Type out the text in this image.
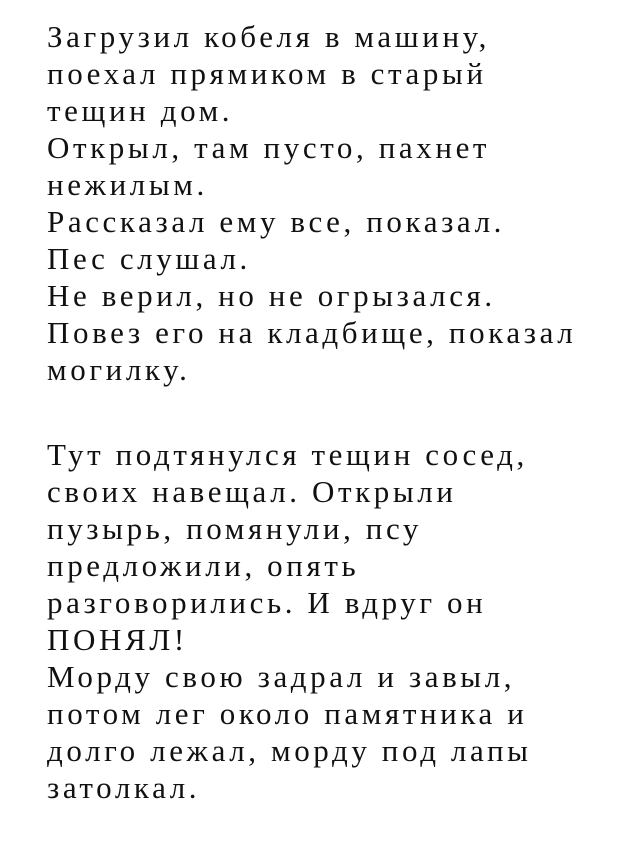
Загрузил кобеля в машину,
поехал прямиком в старый
тещин дом.
Открыл, там пусто, пахнет
нежилым.
Рассказал ему все, показал.
Пес слушал.
Не верил, но не огрызался.
Повез его на кладбище, показал
могилку.
Тут подтянулся тещин сосед,
своих навещал. Открыли
пузырь, помянули, псу
предложили, опять
разговорились. И вдруг он
ПОНЯЛ!
Морду свою задрал и завыл,
потом лег около памятника и
долго лежал, морду под лапы
затолкал.
